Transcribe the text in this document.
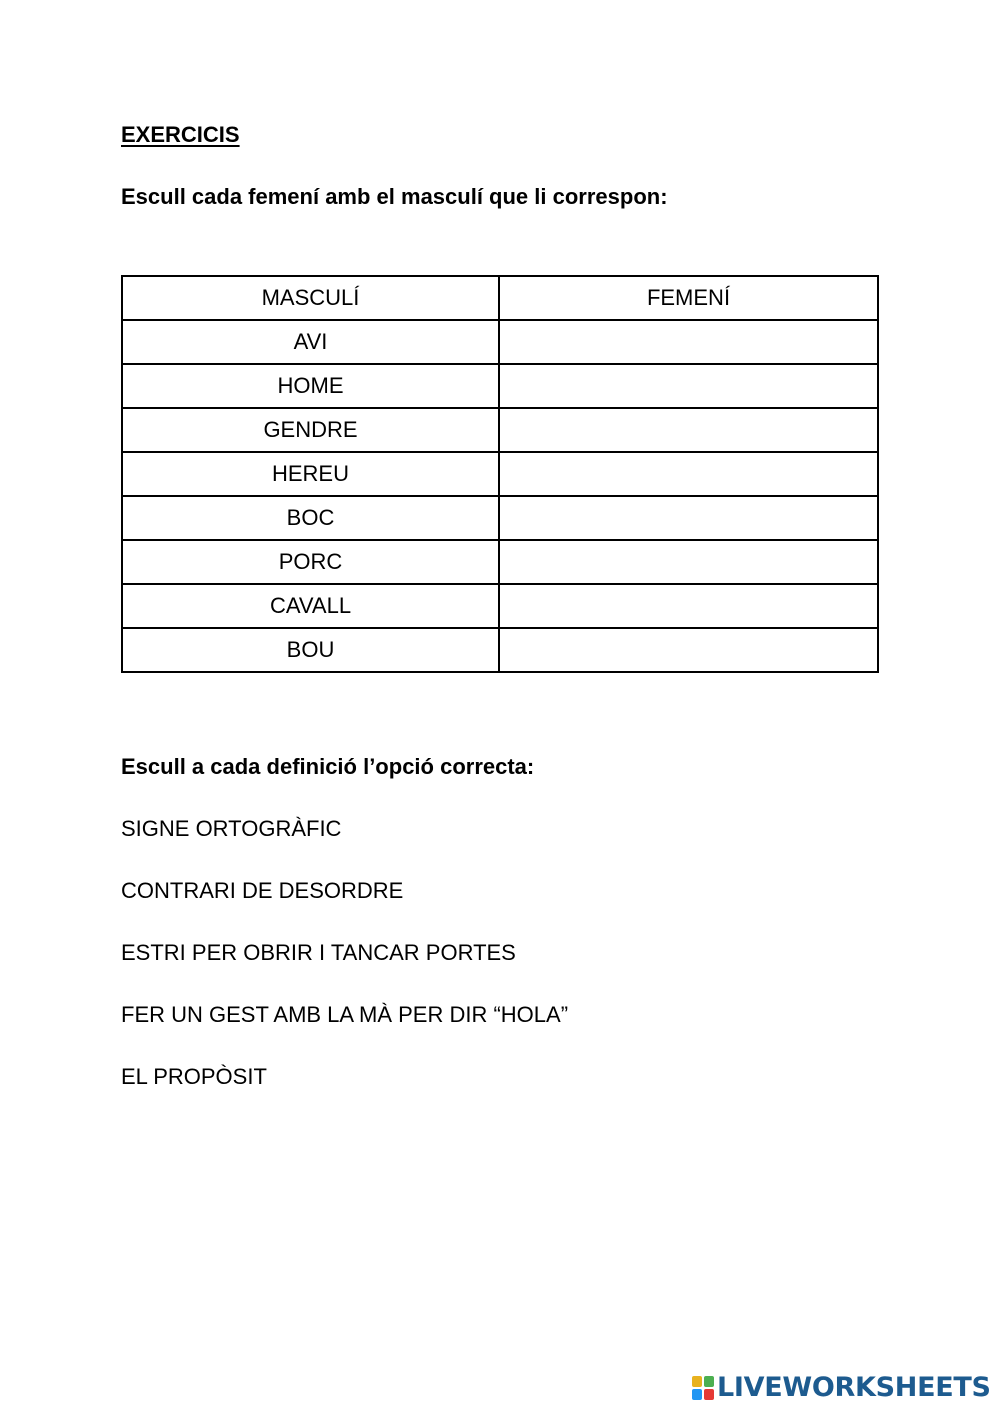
EXERCICIS

Escull cada femení amb el masculí que li correspon:

MASCULÍ	FEMENÍ
AVI	
HOME	
GENDRE	
HEREU	
BOC	
PORC	
CAVALL	
BOU	

Escull a cada definició l’opció correcta:

SIGNE ORTOGRÀFIC

CONTRARI DE DESORDRE

ESTRI PER OBRIR I TANCAR PORTES

FER UN GEST AMB LA MÀ PER DIR “HOLA”

EL PROPÒSIT

LIVEWORKSHEETS
